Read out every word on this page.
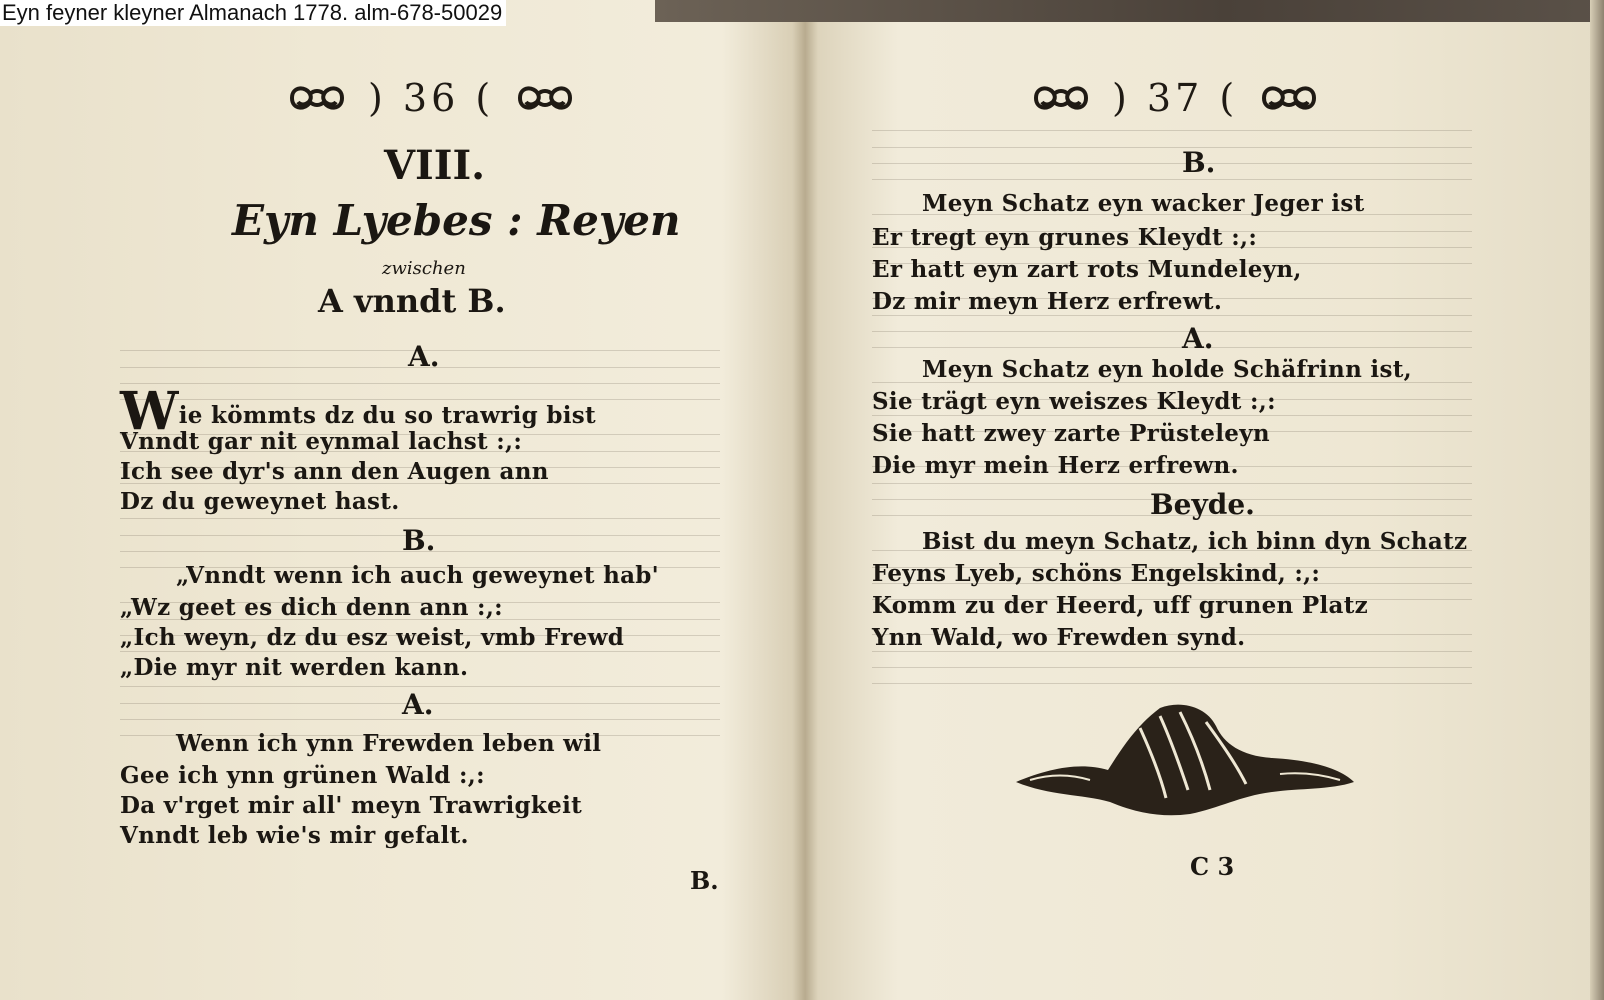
Eyn feyner kleyner Almanach 1778. alm-678-50029
) 36 (
VIII.
Eyn Lyebes : Reyen
zwischen
A vnndt B.
A.
Wie kömmts dz du so trawrig bist
Vnndt gar nit eynmal lachst :,:
Ich see dyr's ann den Augen ann
Dz du geweynet hast.
B.
„Vnndt wenn ich auch geweynet hab'
„Wz geet es dich denn ann :,:
„Ich weyn, dz du esz weist, vmb Frewd
„Die myr nit werden kann.
A.
Wenn ich ynn Frewden leben wil
Gee ich ynn grünen Wald :,:
Da v'rget mir all' meyn Trawrigkeit
Vnndt leb wie's mir gefalt.
B.
) 37 (
B.
Meyn Schatz eyn wacker Jeger ist
Er tregt eyn grunes Kleydt :,:
Er hatt eyn zart rots Mundeleyn,
Dz mir meyn Herz erfrewt.
A.
Meyn Schatz eyn holde Schäfrinn ist,
Sie trägt eyn weiszes Kleydt :,:
Sie hatt zwey zarte Prüsteleyn
Die myr mein Herz erfrewn.
Beyde.
Bist du meyn Schatz, ich binn dyn Schatz
Feyns Lyeb, schöns Engelskind, :,:
Komm zu der Heerd, uff grunen Platz
Ynn Wald, wo Frewden synd.
C 3
